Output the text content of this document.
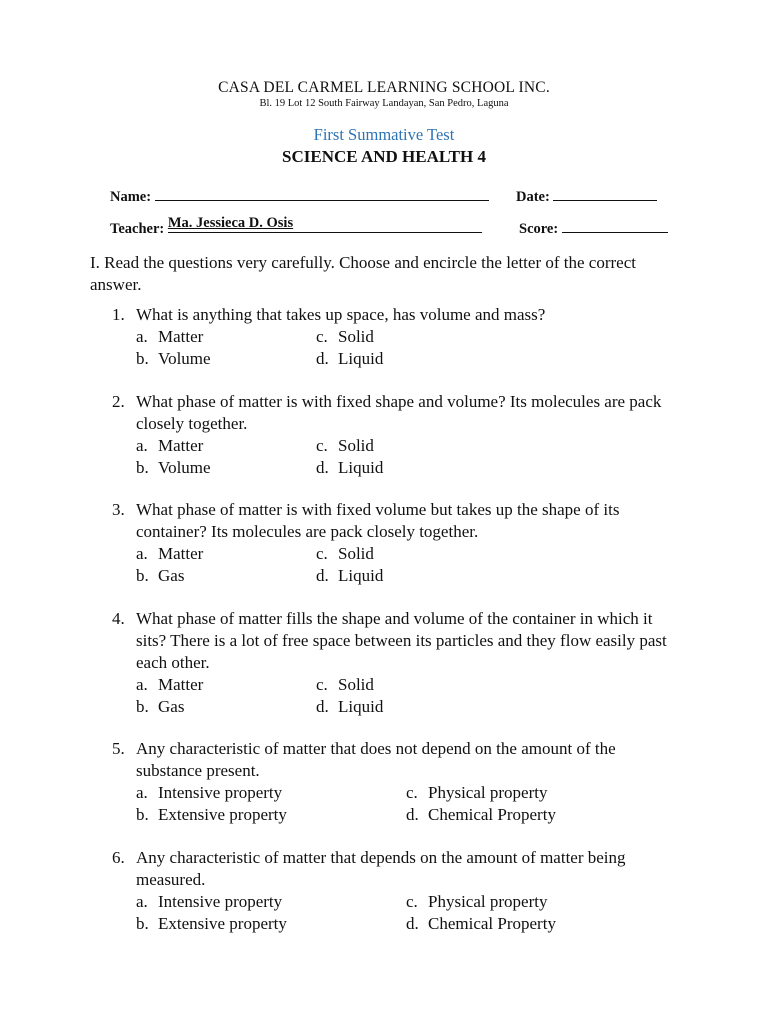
CASA DEL CARMEL LEARNING SCHOOL INC.
Bl. 19 Lot 12 South Fairway Landayan, San Pedro, Laguna
First Summative Test
SCIENCE AND HEALTH 4
Name:	Date:
Teacher: Ma. Jessieca D. Osis	Score:
I. Read the questions very carefully. Choose and encircle the letter of the correct answer.
1. What is anything that takes up space, has volume and mass?
a. Matter
b. Volume
c. Solid
d. Liquid
2. What phase of matter is with fixed shape and volume? Its molecules are pack closely together.
a. Matter
b. Volume
c. Solid
d. Liquid
3. What phase of matter is with fixed volume but takes up the shape of its container? Its molecules are pack closely together.
a. Matter
b. Gas
c. Solid
d. Liquid
4. What phase of matter fills the shape and volume of the container in which it sits? There is a lot of free space between its particles and they flow easily past each other.
a. Matter
b. Gas
c. Solid
d. Liquid
5. Any characteristic of matter that does not depend on the amount of the substance present.
a. Intensive property
b. Extensive property
c. Physical property
d. Chemical Property
6. Any characteristic of matter that depends on the amount of matter being measured.
a. Intensive property
b. Extensive property
c. Physical property
d. Chemical Property
